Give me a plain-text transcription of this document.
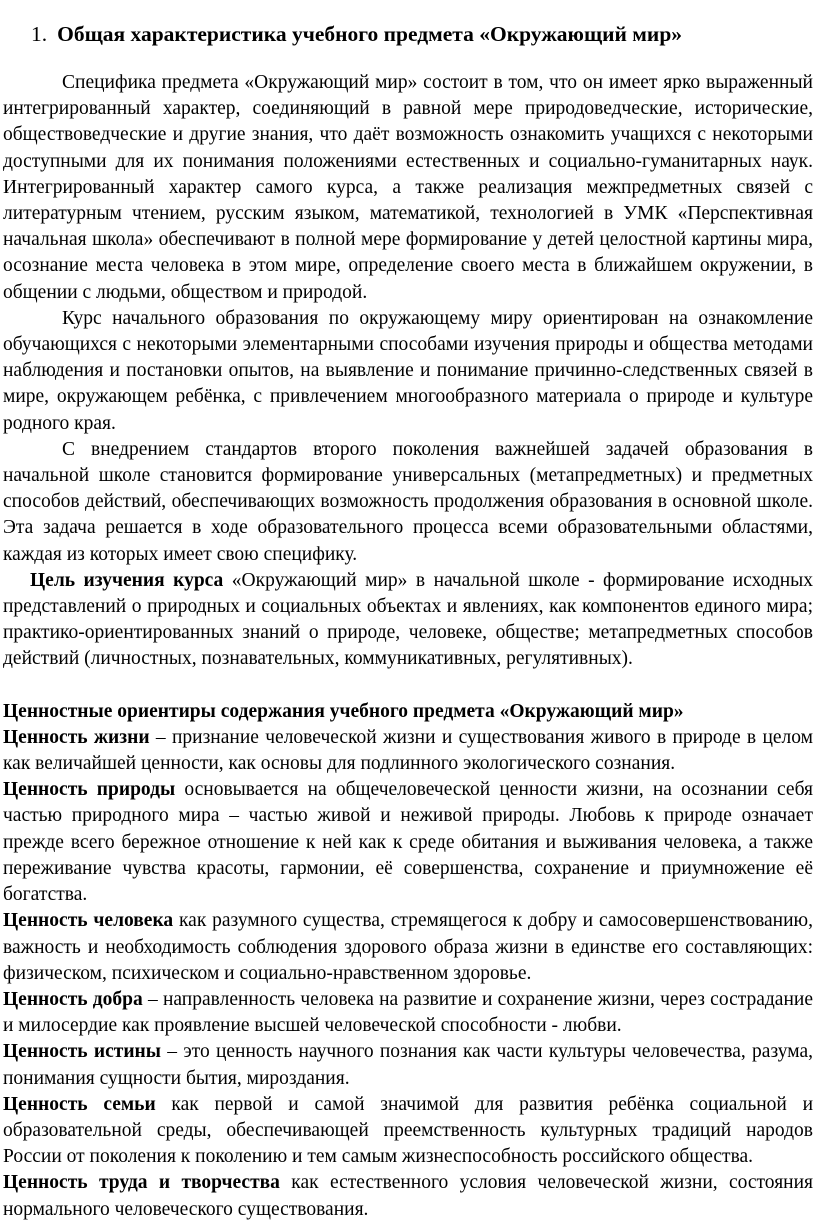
1. Общая характеристика учебного предмета «Окружающий мир»

Специфика предмета «Окружающий мир» состоит в том, что он имеет ярко выраженный интегрированный характер, соединяющий в равной мере природоведческие, исторические, обществоведческие и другие знания, что даёт возможность ознакомить учащихся с некоторыми доступными для их понимания положениями естественных и социально-гуманитарных наук. Интегрированный характер самого курса, а также реализация межпредметных связей с литературным чтением, русским языком, математикой, технологией в УМК «Перспективная начальная школа» обеспечивают в полной мере формирование у детей целостной картины мира, осознание места человека в этом мире, определение своего места в ближайшем окружении, в общении с людьми, обществом и природой.

Курс начального образования по окружающему миру ориентирован на ознакомление обучающихся с некоторыми элементарными способами изучения природы и общества методами наблюдения и постановки опытов, на выявление и понимание причинно-следственных связей в мире, окружающем ребёнка, с привлечением многообразного материала о природе и культуре родного края.

С внедрением стандартов второго поколения важнейшей задачей образования в начальной школе становится формирование универсальных (метапредметных) и предметных способов действий, обеспечивающих возможность продолжения образования в основной школе. Эта задача решается в ходе образовательного процесса всеми образовательными областями, каждая из которых имеет свою специфику.

Цель изучения курса «Окружающий мир» в начальной школе - формирование исходных представлений о природных и социальных объектах и явлениях, как компонентов единого мира; практико-ориентированных знаний о природе, человеке, обществе; метапредметных способов действий (личностных, познавательных, коммуникативных, регулятивных).

Ценностные ориентиры содержания учебного предмета «Окружающий мир»

Ценность жизни – признание человеческой жизни и существования живого в природе в целом как величайшей ценности, как основы для подлинного экологического сознания.

Ценность природы основывается на общечеловеческой ценности жизни, на осознании себя частью природного мира – частью живой и неживой природы. Любовь к природе означает прежде всего бережное отношение к ней как к среде обитания и выживания человека, а также переживание чувства красоты, гармонии, её совершенства, сохранение и приумножение её богатства.

Ценность человека как разумного существа, стремящегося к добру и самосовершенствованию, важность и необходимость соблюдения здорового образа жизни в единстве его составляющих: физическом, психическом и социально-нравственном здоровье.

Ценность добра – направленность человека на развитие и сохранение жизни, через сострадание и милосердие как проявление высшей человеческой способности - любви.

Ценность истины – это ценность научного познания как части культуры человечества, разума, понимания сущности бытия, мироздания.

Ценность семьи как первой и самой значимой для развития ребёнка социальной и образовательной среды, обеспечивающей преемственность культурных традиций народов России от поколения к поколению и тем самым жизнеспособность российского общества.

Ценность труда и творчества как естественного условия человеческой жизни, состояния нормального человеческого существования.
